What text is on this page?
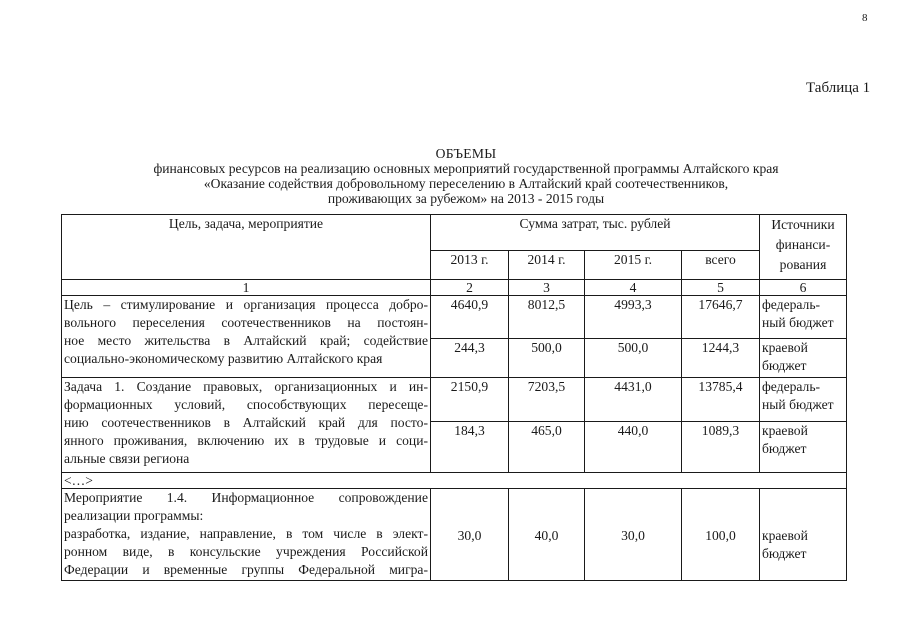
8
Таблица 1
ОБЪЕМЫ
финансовых ресурсов на реализацию основных мероприятий государственной программы Алтайского края
«Оказание содействия добровольному переселению в Алтайский край соотечественников,
проживающих за рубежом» на 2013 - 2015 годы
Цель, задача, мероприятие	Сумма затрат, тыс. рублей				Источники
финанси-
рования

	2013 г.	2014 г.	2015 г.	всего	
1	2	3	4	5	6

Цель – стимулирование и организация процесса добро-
вольного переселения соотечественников на постоян-
ное место жительства в Алтайский край; содействие
социально-экономическому развитию Алтайского края	4640,9	8012,5	4993,3	17646,7	федераль-
ный бюджет

	244,3	500,0	500,0	1244,3	краевой
бюджет

Задача 1. Создание правовых, организационных и ин-
формационных условий, способствующих пересеще-
нию соотечественников в Алтайский край для посто-
янного проживания, включению их в трудовые и соци-
альные связи региона	2150,9	7203,5	4431,0	13785,4	федераль-
ный бюджет

	184,3	465,0	440,0	1089,3	краевой
бюджет

<…>					

Мероприятие 1.4. Информационное сопровождение
реализации программы:
разработка, издание, направление, в том числе в элект-
ронном виде, в консульские учреждения Российской
Федерации и временные группы Федеральной мигра-	30,0	40,0	30,0	100,0	краевой
бюджет
